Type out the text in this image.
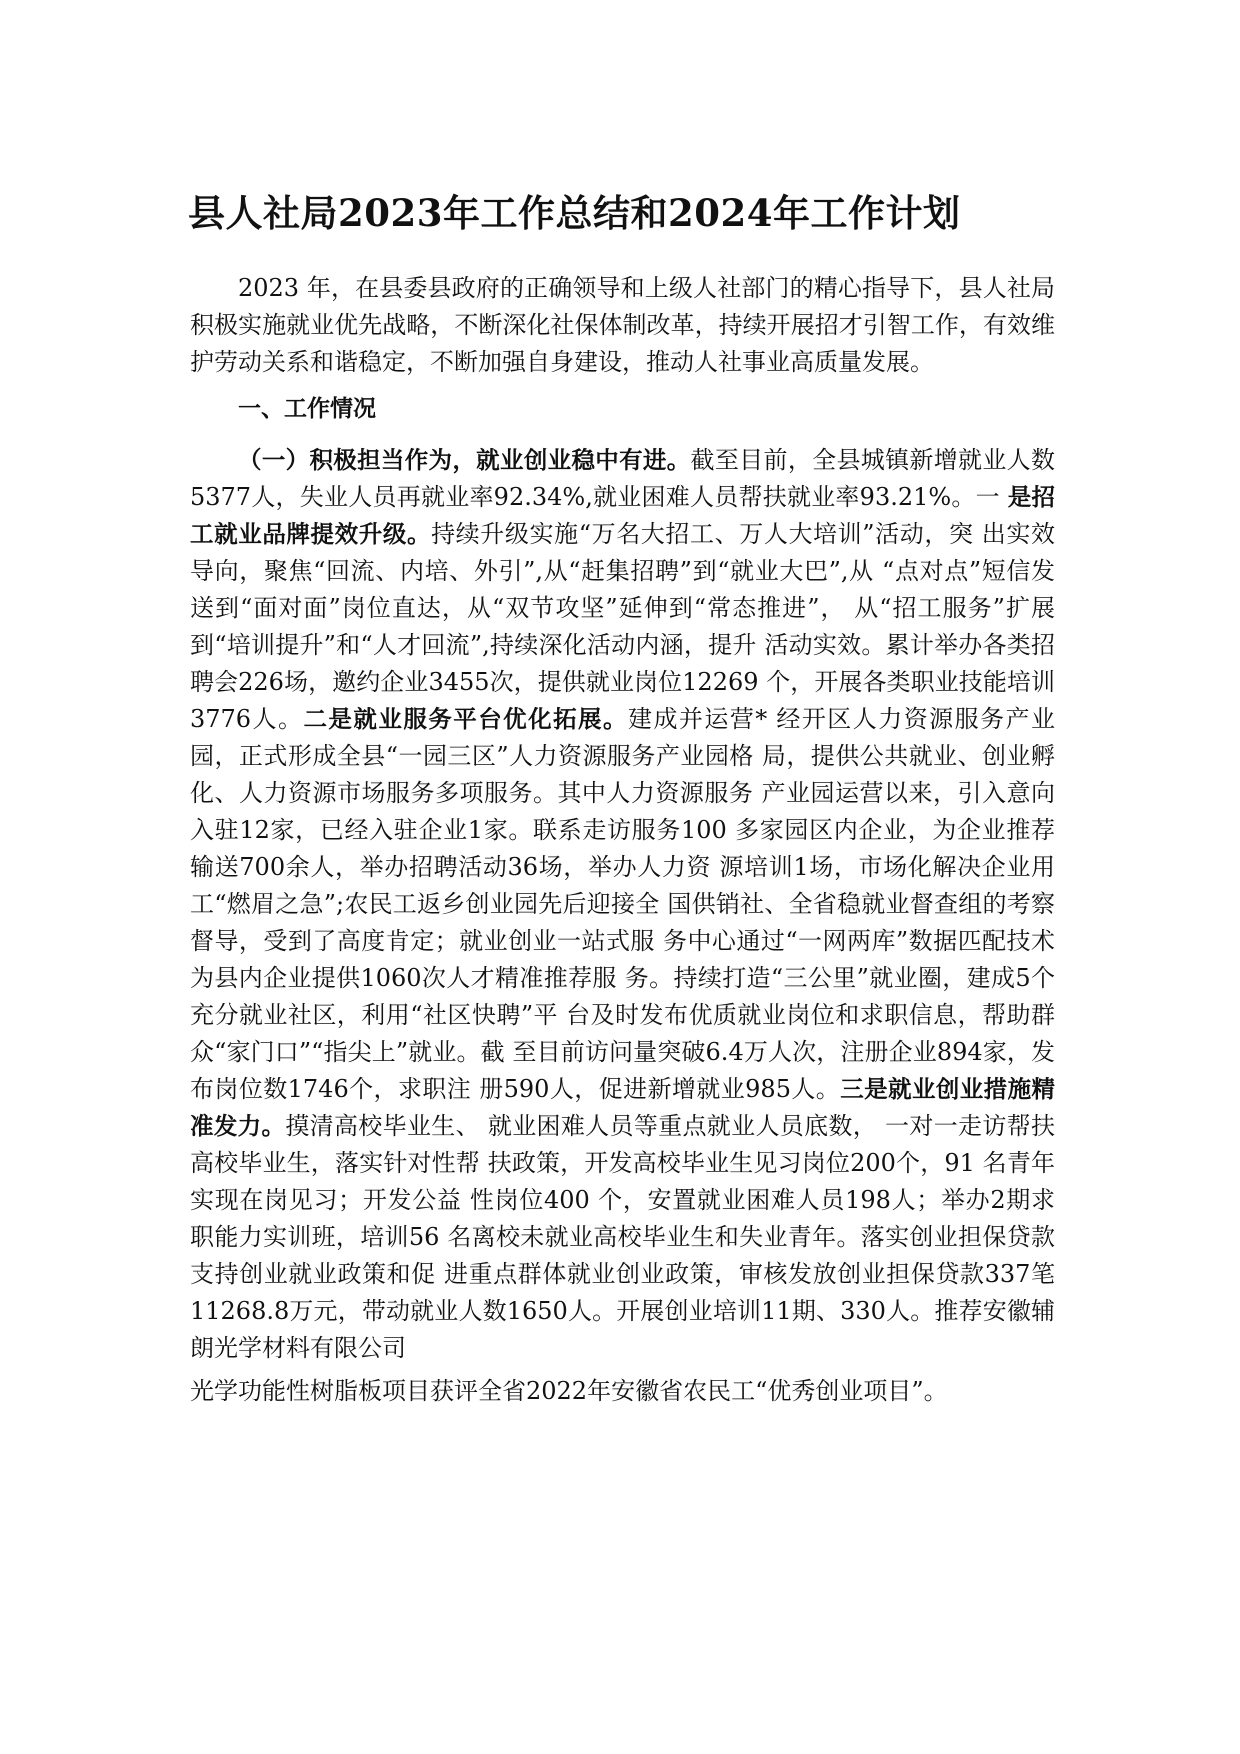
县人社局2023年工作总结和2024年工作计划

2023 年，在县委县政府的正确领导和上级人社部门的精心指导下，县人社局积极实施就业优先战略，不断深化社保体制改革，持续开展招才引智工作，有效维护劳动关系和谐稳定，不断加强自身建设，推动人社事业高质量发展。

一、工作情况

（一）积极担当作为，就业创业稳中有进。截至目前，全县城镇新增就业人数5377人，失业人员再就业率92.34%,就业困难人员帮扶就业率93.21%。一 是招工就业品牌提效升级。持续升级实施“万名大招工、万人大培训”活动，突 出实效导向，聚焦“回流、内培、外引”,从“赶集招聘”到“就业大巴”,从 “点对点”短信发送到“面对面”岗位直达，从“双节攻坚”延伸到“常态推进”， 从“招工服务”扩展到“培训提升”和“人才回流”,持续深化活动内涵，提升 活动实效。累计举办各类招聘会226场，邀约企业3455次，提供就业岗位12269 个，开展各类职业技能培训3776人。二是就业服务平台优化拓展。建成并运营* 经开区人力资源服务产业园，正式形成全县“一园三区”人力资源服务产业园格 局，提供公共就业、创业孵化、人力资源市场服务多项服务。其中人力资源服务 产业园运营以来，引入意向入驻12家，已经入驻企业1家。联系走访服务100 多家园区内企业，为企业推荐输送700余人，举办招聘活动36场，举办人力资 源培训1场，市场化解决企业用工“燃眉之急”;农民工返乡创业园先后迎接全 国供销社、全省稳就业督查组的考察督导，受到了高度肯定；就业创业一站式服 务中心通过“一网两库”数据匹配技术为县内企业提供1060次人才精准推荐服 务。持续打造“三公里”就业圈，建成5个充分就业社区，利用“社区快聘”平 台及时发布优质就业岗位和求职信息，帮助群众“家门口”“指尖上”就业。截 至目前访问量突破6.4万人次，注册企业894家，发布岗位数1746个，求职注 册590人，促进新增就业985人。三是就业创业措施精准发力。摸清高校毕业生、 就业困难人员等重点就业人员底数， 一对一走访帮扶高校毕业生，落实针对性帮 扶政策，开发高校毕业生见习岗位200个，91 名青年实现在岗见习；开发公益 性岗位400 个，安置就业困难人员198人；举办2期求职能力实训班，培训56 名离校未就业高校毕业生和失业青年。落实创业担保贷款支持创业就业政策和促 进重点群体就业创业政策，审核发放创业担保贷款337笔11268.8万元，带动就业人数1650人。开展创业培训11期、330人。推荐安徽辅朗光学材料有限公司

光学功能性树脂板项目获评全省2022年安徽省农民工“优秀创业项目”。
